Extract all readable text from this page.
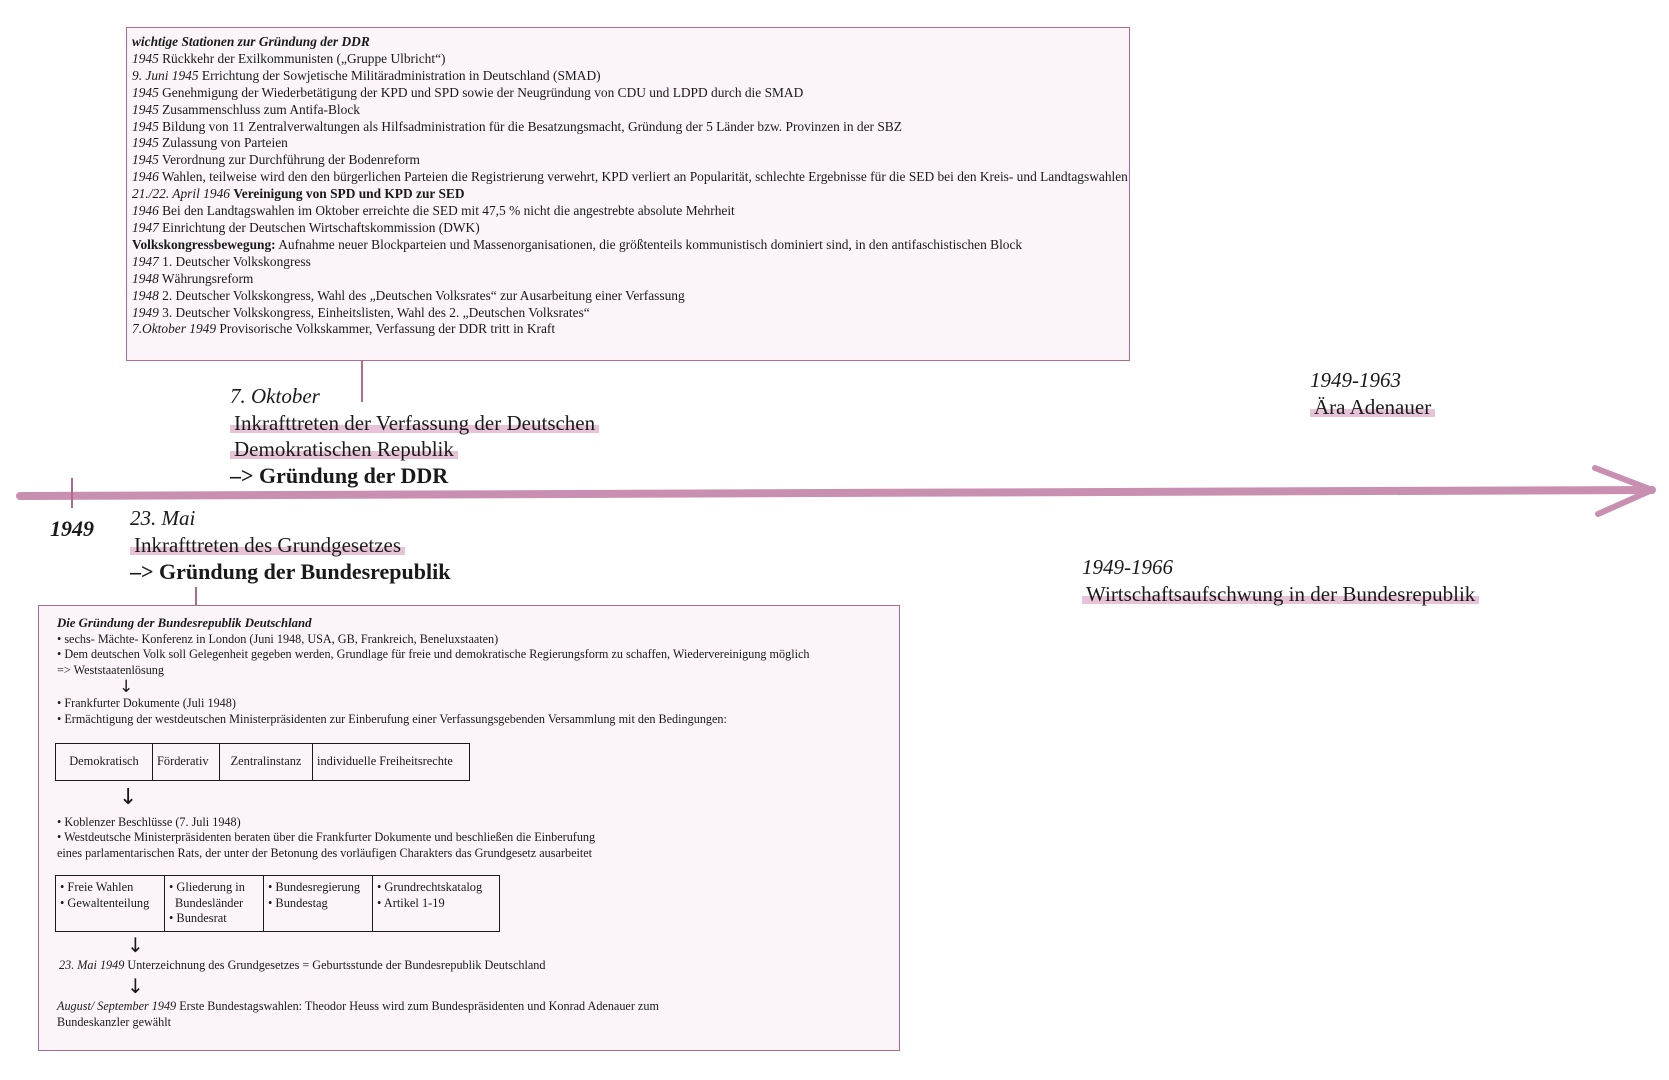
wichtige Stationen zur Gründung der DDR
1945 Rückkehr der Exilkommunisten („Gruppe Ulbricht“)
9. Juni 1945 Errichtung der Sowjetische Militäradministration in Deutschland (SMAD)
1945 Genehmigung der Wiederbetätigung der KPD und SPD sowie der Neugründung von CDU und LDPD durch die SMAD
1945 Zusammenschluss zum Antifa-Block
1945 Bildung von 11 Zentralverwaltungen als Hilfsadministration für die Besatzungsmacht, Gründung der 5 Länder bzw. Provinzen in der SBZ
1945 Zulassung von Parteien
1945 Verordnung zur Durchführung der Bodenreform
1946 Wahlen, teilweise wird den den bürgerlichen Parteien die Registrierung verwehrt, KPD verliert an Popularität, schlechte Ergebnisse für die SED bei den Kreis- und Landtagswahlen
21./22. April 1946 Vereinigung von SPD und KPD zur SED
1946 Bei den Landtagswahlen im Oktober erreichte die SED mit 47,5 % nicht die angestrebte absolute Mehrheit
1947 Einrichtung der Deutschen Wirtschaftskommission (DWK)
Volkskongressbewegung: Aufnahme neuer Blockparteien und Massenorganisationen, die größtenteils kommunistisch dominiert sind, in den antifaschistischen Block
1947 1. Deutscher Volkskongress
1948 Währungsreform
1948 2. Deutscher Volkskongress, Wahl des „Deutschen Volksrates“ zur Ausarbeitung einer Verfassung
1949 3. Deutscher Volkskongress, Einheitslisten, Wahl des 2. „Deutschen Volksrates“
7.Oktober 1949 Provisorische Volkskammer, Verfassung der DDR tritt in Kraft
1949
7. Oktober
Inkrafttreten der Verfassung der Deutschen
Demokratischen Republik
–> Gründung der DDR
23. Mai
Inkrafttreten des Grundgesetzes
–> Gründung der Bundesrepublik
1949-1963
Ära Adenauer
1949-1966
Wirtschaftsaufschwung in der Bundesrepublik
Die Gründung der Bundesrepublik Deutschland
• sechs- Mächte- Konferenz in London (Juni 1948, USA, GB, Frankreich, Beneluxstaaten)
• Dem deutschen Volk soll Gelegenheit gegeben werden, Grundlage für freie und demokratische Regierungsform zu schaffen, Wiedervereinigung möglich
=> Weststaatenlösung
↓
• Frankfurter Dokumente (Juli 1948)
• Ermächtigung der westdeutschen Ministerpräsidenten zur Einberufung einer Verfassungsgebenden Versammlung mit den Bedingungen:
Demokratisch	Förderativ	Zentralinstanz	individuelle Freiheitsrechte
↓
• Koblenzer Beschlüsse (7. Juli 1948)
• Westdeutsche Ministerpräsidenten beraten über die Frankfurter Dokumente und beschließen die Einberufung
eines parlamentarischen Rats, der unter der Betonung des vorläufigen Charakters das Grundgesetz ausarbeitet
• Freie Wahlen
• Gewaltenteilung

• Gliederung in
Bundesländer
• Bundesrat

• Bundesregierung
• Bundestag

• Grundrechtskatalog
• Artikel 1-19
↓
23. Mai 1949 Unterzeichnung des Grundgesetzes = Geburtsstunde der Bundesrepublik Deutschland
↓
August/ September 1949 Erste Bundestagswahlen: Theodor Heuss wird zum Bundespräsidenten und Konrad Adenauer zum
Bundeskanzler gewählt
